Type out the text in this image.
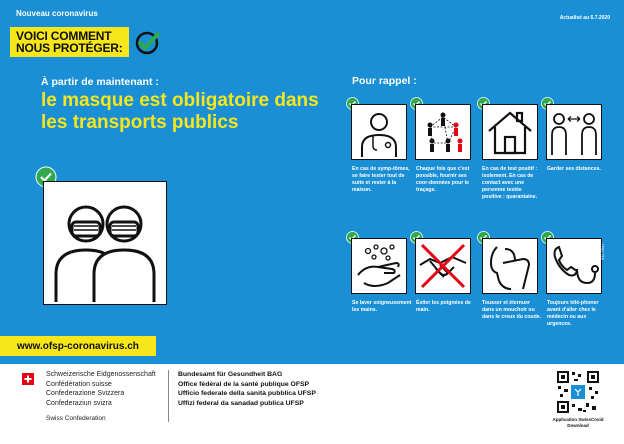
Nouveau coronavirus	Actualisé au 6.7.2020
VOICI COMMENT
NOUS PROTÉGER:
À partir de maintenant :
le masque est obligatoire dans les transports publics
Pour rappel :
En cas de symp-tômes, se faire tester tout de suite et rester à la maison.
Chaque fois que c'est possible, fournir ses coor-données pour le traçage.
En cas de test positif : isolement. En cas de contact avec une personne testée positive : quarantaine.
Garder ses distances.
Se laver soigneusement les mains.
Éviter les poignées de main.
Tousser et éternuer dans un mouchoir ou dans le creux du coude.
Toujours télé-phoner avant d'aller chez le médecin ou aux urgences.
www.ofsp-coronavirus.ch
311.264.f
Schweizerische Eidgenossenschaft
Confédération suisse
Confederazione Svizzera
Confederaziun svizra
Swiss Confederation
Bundesamt für Gesundheit BAG
Office fédéral de la santé publique OFSP
Ufficio federale della sanità pubblica UFSP
Uffizi federal da sanadad publica UFSP
Application SwissCovid
Download
